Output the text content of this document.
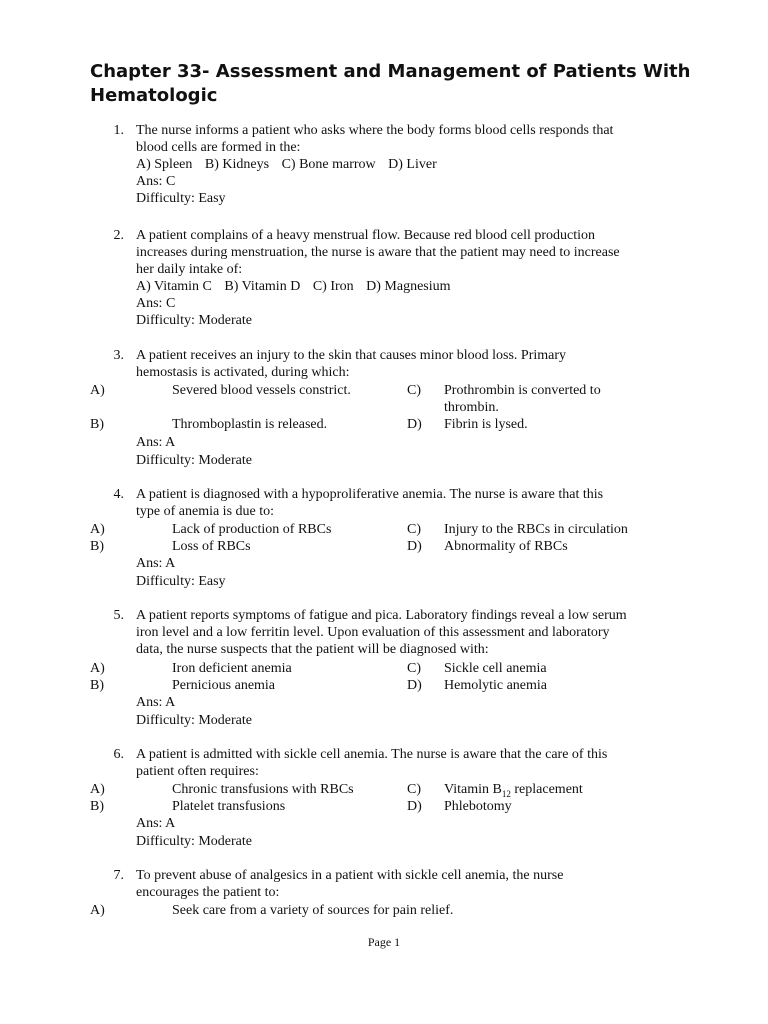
Chapter 33- Assessment and Management of Patients With Hematologic
1. The nurse informs a patient who asks where the body forms blood cells responds that
blood cells are formed in the:
A) Spleen B) Kidneys C) Bone marrow D) Liver
Ans: C
Difficulty: Easy
2. A patient complains of a heavy menstrual flow. Because red blood cell production
increases during menstruation, the nurse is aware that the patient may need to increase
her daily intake of:
A) Vitamin C B) Vitamin D C) Iron D) Magnesium
Ans: C
Difficulty: Moderate
3. A patient receives an injury to the skin that causes minor blood loss. Primary
hemostasis is activated, during which:
A)	Severed blood vessels constrict.	C) Prothrombin is converted to
thrombin.
B)	Thromboplastin is released.	D) Fibrin is lysed.
Ans: A
Difficulty: Moderate
4. A patient is diagnosed with a hypoproliferative anemia. The nurse is aware that this
type of anemia is due to:
A)	Lack of production of RBCs	C) Injury to the RBCs in circulation
B)	Loss of RBCs	D) Abnormality of RBCs
Ans: A
Difficulty: Easy
5. A patient reports symptoms of fatigue and pica. Laboratory findings reveal a low serum
iron level and a low ferritin level. Upon evaluation of this assessment and laboratory
data, the nurse suspects that the patient will be diagnosed with:
A)	Iron deficient anemia	C) Sickle cell anemia
B)	Pernicious anemia	D) Hemolytic anemia
Ans: A
Difficulty: Moderate
6. A patient is admitted with sickle cell anemia. The nurse is aware that the care of this
patient often requires:
A)	Chronic transfusions with RBCs	C) Vitamin $B_{12}$ replacement
B)	Platelet transfusions	D) Phlebotomy
Ans: A
Difficulty: Moderate
7. To prevent abuse of analgesics in a patient with sickle cell anemia, the nurse
encourages the patient to:
A)	Seek care from a variety of sources for pain relief.
Page 1
